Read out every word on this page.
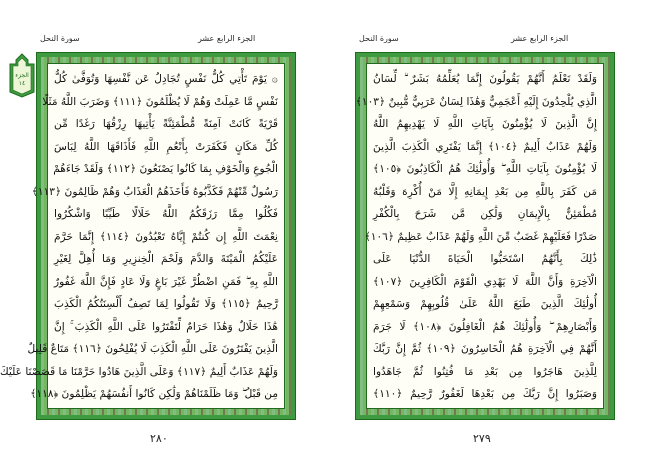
الجزء
١٤
الجزء الرابع عشر
سورة النحل
۞ يَوْمَ تَأْتِي كُلُّ نَفْسٍ تُجَادِلُ عَن نَّفْسِهَا وَتُوَفَّىٰ كُلُّ
نَفْسٍ مَّا عَمِلَتْ وَهُمْ لَا يُظْلَمُونَ ﴿١١١﴾ وَضَرَبَ اللَّهُ مَثَلًا
قَرْيَةً كَانَتْ آمِنَةً مُّطْمَئِنَّةً يَأْتِيهَا رِزْقُهَا رَغَدًا مِّن
كُلِّ مَكَانٍ فَكَفَرَتْ بِأَنْعُمِ اللَّهِ فَأَذَاقَهَا اللَّهُ لِبَاسَ
الْجُوعِ وَالْخَوْفِ بِمَا كَانُوا يَصْنَعُونَ ﴿١١٢﴾ وَلَقَدْ جَاءَهُمْ
رَسُولٌ مِّنْهُمْ فَكَذَّبُوهُ فَأَخَذَهُمُ الْعَذَابُ وَهُمْ ظَالِمُونَ ﴿١١٣﴾
فَكُلُوا مِمَّا رَزَقَكُمُ اللَّهُ حَلَالًا طَيِّبًا وَاشْكُرُوا
نِعْمَتَ اللَّهِ إِن كُنتُمْ إِيَّاهُ تَعْبُدُونَ ﴿١١٤﴾ إِنَّمَا حَرَّمَ
عَلَيْكُمُ الْمَيْتَةَ وَالدَّمَ وَلَحْمَ الْخِنزِيرِ وَمَا أُهِلَّ لِغَيْرِ
اللَّهِ بِهِ ۖ فَمَنِ اضْطُرَّ غَيْرَ بَاغٍ وَلَا عَادٍ فَإِنَّ اللَّهَ غَفُورٌ
رَّحِيمٌ ﴿١١٥﴾ وَلَا تَقُولُوا لِمَا تَصِفُ أَلْسِنَتُكُمُ الْكَذِبَ
هَٰذَا حَلَالٌ وَهَٰذَا حَرَامٌ لِّتَفْتَرُوا عَلَى اللَّهِ الْكَذِبَ ۚ إِنَّ
الَّذِينَ يَفْتَرُونَ عَلَى اللَّهِ الْكَذِبَ لَا يُفْلِحُونَ ﴿١١٦﴾ مَتَاعٌ قَلِيلٌ
وَلَهُمْ عَذَابٌ أَلِيمٌ ﴿١١٧﴾ وَعَلَى الَّذِينَ هَادُوا حَرَّمْنَا مَا قَصَصْنَا عَلَيْكَ
مِن قَبْلُ ۖ وَمَا ظَلَمْنَاهُمْ وَلَٰكِن كَانُوا أَنفُسَهُمْ يَظْلِمُونَ ﴿١١٨﴾
٢٨٠
الجزء الرابع عشر
سورة النحل
وَلَقَدْ نَعْلَمُ أَنَّهُمْ يَقُولُونَ إِنَّمَا يُعَلِّمُهُ بَشَرٌ ۗ لِّسَانُ
الَّذِي يُلْحِدُونَ إِلَيْهِ أَعْجَمِيٌّ وَهَٰذَا لِسَانٌ عَرَبِيٌّ مُّبِينٌ ﴿١٠٣﴾
إِنَّ الَّذِينَ لَا يُؤْمِنُونَ بِآيَاتِ اللَّهِ لَا يَهْدِيهِمُ اللَّهُ
وَلَهُمْ عَذَابٌ أَلِيمٌ ﴿١٠٤﴾ إِنَّمَا يَفْتَرِي الْكَذِبَ الَّذِينَ
لَا يُؤْمِنُونَ بِآيَاتِ اللَّهِ ۖ وَأُولَٰئِكَ هُمُ الْكَاذِبُونَ ﴿١٠٥﴾
مَن كَفَرَ بِاللَّهِ مِن بَعْدِ إِيمَانِهِ إِلَّا مَنْ أُكْرِهَ وَقَلْبُهُ
مُطْمَئِنٌّ بِالْإِيمَانِ وَلَٰكِن مَّن شَرَحَ بِالْكُفْرِ
صَدْرًا فَعَلَيْهِمْ غَضَبٌ مِّنَ اللَّهِ وَلَهُمْ عَذَابٌ عَظِيمٌ ﴿١٠٦﴾
ذَٰلِكَ بِأَنَّهُمُ اسْتَحَبُّوا الْحَيَاةَ الدُّنْيَا عَلَى
الْآخِرَةِ وَأَنَّ اللَّهَ لَا يَهْدِي الْقَوْمَ الْكَافِرِينَ ﴿١٠٧﴾
أُولَٰئِكَ الَّذِينَ طَبَعَ اللَّهُ عَلَىٰ قُلُوبِهِمْ وَسَمْعِهِمْ
وَأَبْصَارِهِمْ ۖ وَأُولَٰئِكَ هُمُ الْغَافِلُونَ ﴿١٠٨﴾ لَا جَرَمَ
أَنَّهُمْ فِي الْآخِرَةِ هُمُ الْخَاسِرُونَ ﴿١٠٩﴾ ثُمَّ إِنَّ رَبَّكَ
لِلَّذِينَ هَاجَرُوا مِن بَعْدِ مَا فُتِنُوا ثُمَّ جَاهَدُوا
وَصَبَرُوا إِنَّ رَبَّكَ مِن بَعْدِهَا لَغَفُورٌ رَّحِيمٌ ﴿١١٠﴾
٢٧٩
